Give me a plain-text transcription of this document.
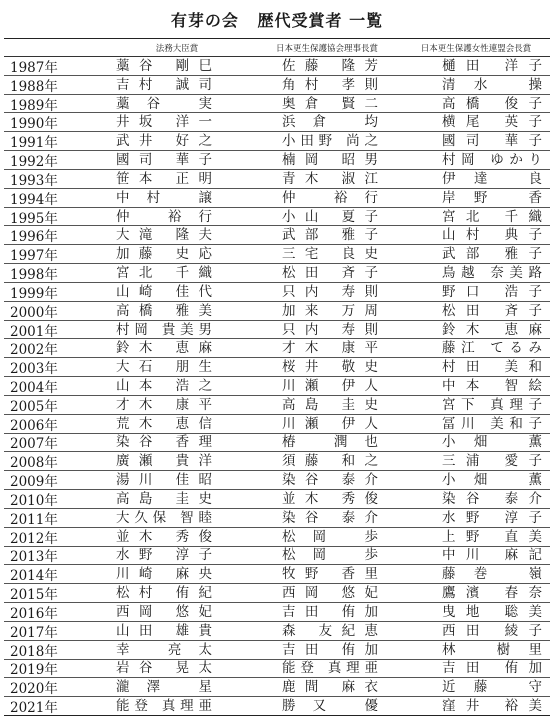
有芽の会 歴代受賞者 一覧
法務大臣賞	日本更生保護協会理事長賞	日本更生保護女性連盟会長賞
1987年	藁谷 剛巳	佐藤 隆芳	樋田 洋子
1988年	吉村 誠司	角村 孝則	清水 操
1989年	藁谷 実	奥倉 賢二	高橋 俊子
1990年	井坂 洋一	浜倉 均	横尾 英子
1991年	武井 好之	小田野 尚之	國司 華子
1992年	國司 華子	楠岡 昭男	村岡 ゆかり
1993年	笹本 正明	青木 淑江	伊達 良
1994年	中村 譲	仲 裕行	岸野 香
1995年	仲 裕行	小山 夏子	宮北 千織
1996年	大滝 隆夫	武部 雅子	山村 典子
1997年	加藤 史応	三宅 良史	武部 雅子
1998年	宮北 千織	松田 斉子	鳥越 奈美路
1999年	山崎 佳代	只内 寿則	野口 浩子
2000年	高橋 雅美	加来 万周	松田 斉子
2001年	村岡 貴美男	只内 寿則	鈴木 恵麻
2002年	鈴木 恵麻	才木 康平	藤江 てるみ
2003年	大石 朋生	桜井 敬史	村田 美和
2004年	山本 浩之	川瀬 伊人	中本 智絵
2005年	才木 康平	高島 圭史	宮下 真理子
2006年	荒木 恵信	川瀬 伊人	冨川 美和子
2007年	染谷 香理	椿 潤也	小畑 薫
2008年	廣瀬 貴洋	須藤 和之	三浦 愛子
2009年	湯川 佳昭	染谷 泰介	小畑 薫
2010年	高島 圭史	並木 秀俊	染谷 泰介
2011年	大久保 智睦	染谷 泰介	水野 淳子
2012年	並木 秀俊	松岡 歩	上野 直美
2013年	水野 淳子	松岡 歩	中川 麻記
2014年	川崎 麻央	牧野 香里	藤巻 嶺
2015年	松村 侑紀	西岡 悠妃	鷹濱 春奈
2016年	西岡 悠妃	吉田 侑加	曳地 聡美
2017年	山田 雄貴	森 友紀恵	西田 綾子
2018年	幸 亮太	吉田 侑加	林 樹里
2019年	岩谷 晃太	能登 真理亜	吉田 侑加
2020年	瀧澤 星	鹿間 麻衣	近藤 守
2021年	能登 真理亜	勝又 優	窪井 裕美
